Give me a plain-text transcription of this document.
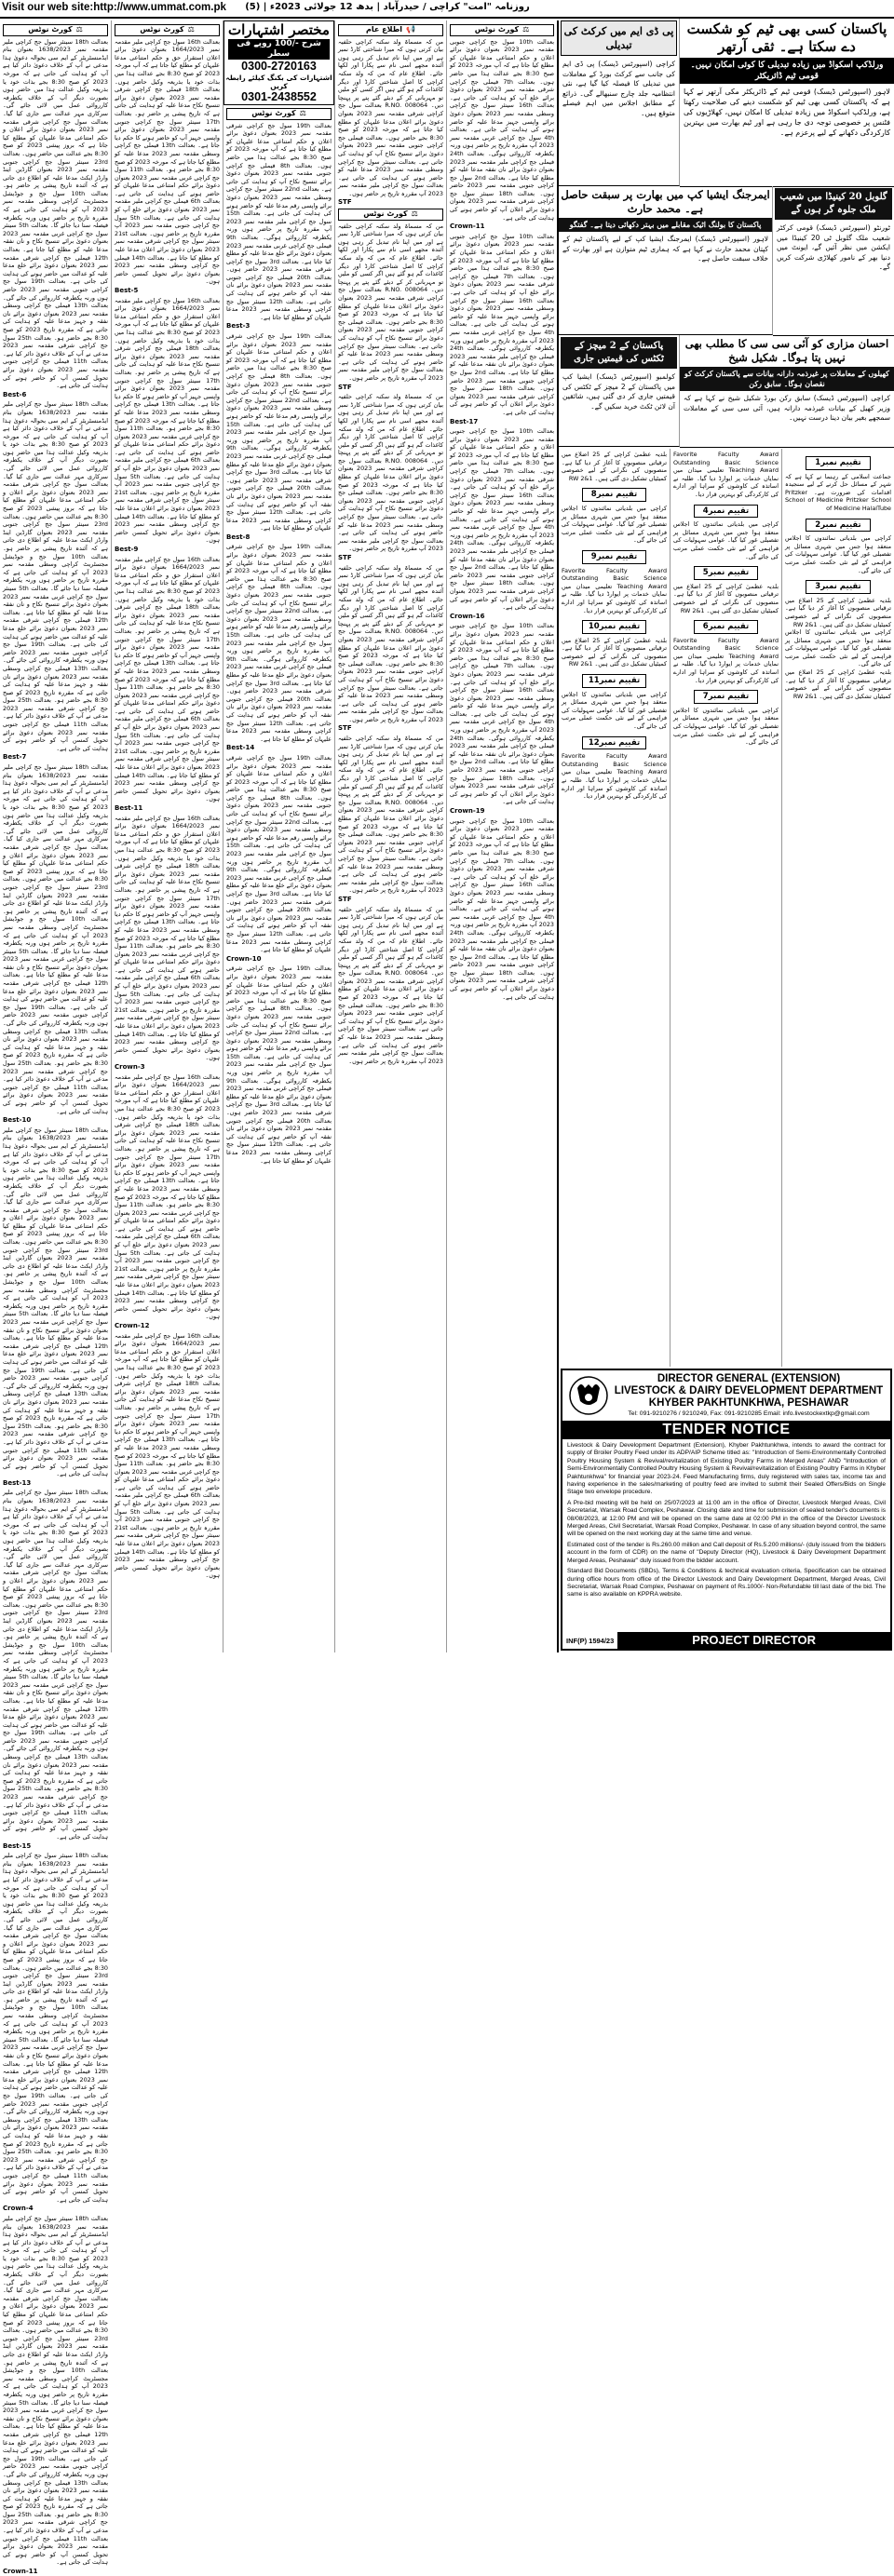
Visit our web site:http://www.ummat.com.pk	روزنامہ "امت" کراچی / حیدرآباد | بدھ 12 جولائی 2023ء | (5)
⚖
کورٹ نوٹس
بعدالت 18th سینئر سول جج کراچی ملیر مقدمہ نمبر 1638/2023 بعنوان بنام ایڈمنسٹریٹر کے ایم سی بحوالہ دعویٰ ہذا مدعی نے آپ کے خلاف دعویٰ دائر کیا ہے آپ کو ہدایت کی جاتی ہے کہ مورخہ 2023 کو صبح 8:30 بجے بذات خود یا بذریعہ وکیل عدالت ہذا میں حاضر ہوں بصورت دیگر آپ کے خلاف یکطرفہ کارروائی عمل میں لائی جائے گی۔ سرکاری مہر عدالت سے جاری کیا گیا۔ بعدالت سول جج کراچی شرقی مقدمہ نمبر 2023 بعنوان دعویٰ برائے اعلان و حکم امتناعی مدعا علیہان کو مطلع کیا جاتا ہے کہ بروز پیشی 2023 کو صبح 8:30 بجے عدالت میں حاضر ہوں۔ بعدالت 23rd سینئر سول جج کراچی جنوبی مقدمہ نمبر 2023 بعنوان گارڈین اینڈ وارڈز ایکٹ مدعا علیہ کو اطلاع دی جاتی ہے کہ آئندہ تاریخ پیشی پر حاضر ہو۔ بعدالت 10th سول جج و جوڈیشل مجسٹریٹ کراچی وسطی مقدمہ نمبر 2023 آپ کو ہدایت کی جاتی ہے کہ مقررہ تاریخ پر حاضر ہوں ورنہ یکطرفہ فیصلہ سنا دیا جائے گا۔ بعدالت 5th سینئر سول جج کراچی غربی مقدمہ نمبر 2023 بعنوان دعویٰ برائے تنسیخ نکاح و نان نفقہ مدعا علیہ کو مطلع کیا جاتا ہے۔ بعدالت 12th فیملی جج کراچی شرقی مقدمہ نمبر 2023 بعنوان دعویٰ برائے خلع مدعا علیہ کو عدالت میں حاضر ہونے کی ہدایت کی جاتی ہے۔ بعدالت 19th سول جج کراچی جنوبی مقدمہ نمبر 2023 حاضر ہوں ورنہ یکطرفہ کارروائی کی جائے گی۔ بعدالت 13th فیملی جج کراچی وسطی مقدمہ نمبر 2023 بعنوان دعویٰ برائے نان نفقہ و جہیز مدعا علیہ کو ہدایت کی جاتی ہے کہ مقررہ تاریخ 2023 کو صبح 8:30 بجے حاضر ہو۔ بعدالت 25th سول جج کراچی شرقی مقدمہ نمبر 2023 مدعی نے آپ کے خلاف دعویٰ دائر کیا ہے۔ بعدالت 11th فیملی جج کراچی جنوبی مقدمہ نمبر 2023 بعنوان دعویٰ برائے تحویل کمسن آپ کو حاضر ہونے کی ہدایت کی جاتی ہے۔
Best-6
بعدالت 18th سینئر سول جج کراچی ملیر مقدمہ نمبر 1638/2023 بعنوان بنام ایڈمنسٹریٹر کے ایم سی بحوالہ دعویٰ ہذا مدعی نے آپ کے خلاف دعویٰ دائر کیا ہے آپ کو ہدایت کی جاتی ہے کہ مورخہ 2023 کو صبح 8:30 بجے بذات خود یا بذریعہ وکیل عدالت ہذا میں حاضر ہوں بصورت دیگر آپ کے خلاف یکطرفہ کارروائی عمل میں لائی جائے گی۔ سرکاری مہر عدالت سے جاری کیا گیا۔ بعدالت سول جج کراچی شرقی مقدمہ نمبر 2023 بعنوان دعویٰ برائے اعلان و حکم امتناعی مدعا علیہان کو مطلع کیا جاتا ہے کہ بروز پیشی 2023 کو صبح 8:30 بجے عدالت میں حاضر ہوں۔ بعدالت 23rd سینئر سول جج کراچی جنوبی مقدمہ نمبر 2023 بعنوان گارڈین اینڈ وارڈز ایکٹ مدعا علیہ کو اطلاع دی جاتی ہے کہ آئندہ تاریخ پیشی پر حاضر ہو۔ بعدالت 10th سول جج و جوڈیشل مجسٹریٹ کراچی وسطی مقدمہ نمبر 2023 آپ کو ہدایت کی جاتی ہے کہ مقررہ تاریخ پر حاضر ہوں ورنہ یکطرفہ فیصلہ سنا دیا جائے گا۔ بعدالت 5th سینئر سول جج کراچی غربی مقدمہ نمبر 2023 بعنوان دعویٰ برائے تنسیخ نکاح و نان نفقہ مدعا علیہ کو مطلع کیا جاتا ہے۔ بعدالت 12th فیملی جج کراچی شرقی مقدمہ نمبر 2023 بعنوان دعویٰ برائے خلع مدعا علیہ کو عدالت میں حاضر ہونے کی ہدایت کی جاتی ہے۔ بعدالت 19th سول جج کراچی جنوبی مقدمہ نمبر 2023 حاضر ہوں ورنہ یکطرفہ کارروائی کی جائے گی۔ بعدالت 13th فیملی جج کراچی وسطی مقدمہ نمبر 2023 بعنوان دعویٰ برائے نان نفقہ و جہیز مدعا علیہ کو ہدایت کی جاتی ہے کہ مقررہ تاریخ 2023 کو صبح 8:30 بجے حاضر ہو۔ بعدالت 25th سول جج کراچی شرقی مقدمہ نمبر 2023 مدعی نے آپ کے خلاف دعویٰ دائر کیا ہے۔ بعدالت 11th فیملی جج کراچی جنوبی مقدمہ نمبر 2023 بعنوان دعویٰ برائے تحویل کمسن آپ کو حاضر ہونے کی ہدایت کی جاتی ہے۔
Best-7
بعدالت 18th سینئر سول جج کراچی ملیر مقدمہ نمبر 1638/2023 بعنوان بنام ایڈمنسٹریٹر کے ایم سی بحوالہ دعویٰ ہذا مدعی نے آپ کے خلاف دعویٰ دائر کیا ہے آپ کو ہدایت کی جاتی ہے کہ مورخہ 2023 کو صبح 8:30 بجے بذات خود یا بذریعہ وکیل عدالت ہذا میں حاضر ہوں بصورت دیگر آپ کے خلاف یکطرفہ کارروائی عمل میں لائی جائے گی۔ سرکاری مہر عدالت سے جاری کیا گیا۔ بعدالت سول جج کراچی شرقی مقدمہ نمبر 2023 بعنوان دعویٰ برائے اعلان و حکم امتناعی مدعا علیہان کو مطلع کیا جاتا ہے کہ بروز پیشی 2023 کو صبح 8:30 بجے عدالت میں حاضر ہوں۔ بعدالت 23rd سینئر سول جج کراچی جنوبی مقدمہ نمبر 2023 بعنوان گارڈین اینڈ وارڈز ایکٹ مدعا علیہ کو اطلاع دی جاتی ہے کہ آئندہ تاریخ پیشی پر حاضر ہو۔ بعدالت 10th سول جج و جوڈیشل مجسٹریٹ کراچی وسطی مقدمہ نمبر 2023 آپ کو ہدایت کی جاتی ہے کہ مقررہ تاریخ پر حاضر ہوں ورنہ یکطرفہ فیصلہ سنا دیا جائے گا۔ بعدالت 5th سینئر سول جج کراچی غربی مقدمہ نمبر 2023 بعنوان دعویٰ برائے تنسیخ نکاح و نان نفقہ مدعا علیہ کو مطلع کیا جاتا ہے۔ بعدالت 12th فیملی جج کراچی شرقی مقدمہ نمبر 2023 بعنوان دعویٰ برائے خلع مدعا علیہ کو عدالت میں حاضر ہونے کی ہدایت کی جاتی ہے۔ بعدالت 19th سول جج کراچی جنوبی مقدمہ نمبر 2023 حاضر ہوں ورنہ یکطرفہ کارروائی کی جائے گی۔ بعدالت 13th فیملی جج کراچی وسطی مقدمہ نمبر 2023 بعنوان دعویٰ برائے نان نفقہ و جہیز مدعا علیہ کو ہدایت کی جاتی ہے کہ مقررہ تاریخ 2023 کو صبح 8:30 بجے حاضر ہو۔ بعدالت 25th سول جج کراچی شرقی مقدمہ نمبر 2023 مدعی نے آپ کے خلاف دعویٰ دائر کیا ہے۔ بعدالت 11th فیملی جج کراچی جنوبی مقدمہ نمبر 2023 بعنوان دعویٰ برائے تحویل کمسن آپ کو حاضر ہونے کی ہدایت کی جاتی ہے۔
Best-10
بعدالت 18th سینئر سول جج کراچی ملیر مقدمہ نمبر 1638/2023 بعنوان بنام ایڈمنسٹریٹر کے ایم سی بحوالہ دعویٰ ہذا مدعی نے آپ کے خلاف دعویٰ دائر کیا ہے آپ کو ہدایت کی جاتی ہے کہ مورخہ 2023 کو صبح 8:30 بجے بذات خود یا بذریعہ وکیل عدالت ہذا میں حاضر ہوں بصورت دیگر آپ کے خلاف یکطرفہ کارروائی عمل میں لائی جائے گی۔ سرکاری مہر عدالت سے جاری کیا گیا۔ بعدالت سول جج کراچی شرقی مقدمہ نمبر 2023 بعنوان دعویٰ برائے اعلان و حکم امتناعی مدعا علیہان کو مطلع کیا جاتا ہے کہ بروز پیشی 2023 کو صبح 8:30 بجے عدالت میں حاضر ہوں۔ بعدالت 23rd سینئر سول جج کراچی جنوبی مقدمہ نمبر 2023 بعنوان گارڈین اینڈ وارڈز ایکٹ مدعا علیہ کو اطلاع دی جاتی ہے کہ آئندہ تاریخ پیشی پر حاضر ہو۔ بعدالت 10th سول جج و جوڈیشل مجسٹریٹ کراچی وسطی مقدمہ نمبر 2023 آپ کو ہدایت کی جاتی ہے کہ مقررہ تاریخ پر حاضر ہوں ورنہ یکطرفہ فیصلہ سنا دیا جائے گا۔ بعدالت 5th سینئر سول جج کراچی غربی مقدمہ نمبر 2023 بعنوان دعویٰ برائے تنسیخ نکاح و نان نفقہ مدعا علیہ کو مطلع کیا جاتا ہے۔ بعدالت 12th فیملی جج کراچی شرقی مقدمہ نمبر 2023 بعنوان دعویٰ برائے خلع مدعا علیہ کو عدالت میں حاضر ہونے کی ہدایت کی جاتی ہے۔ بعدالت 19th سول جج کراچی جنوبی مقدمہ نمبر 2023 حاضر ہوں ورنہ یکطرفہ کارروائی کی جائے گی۔ بعدالت 13th فیملی جج کراچی وسطی مقدمہ نمبر 2023 بعنوان دعویٰ برائے نان نفقہ و جہیز مدعا علیہ کو ہدایت کی جاتی ہے کہ مقررہ تاریخ 2023 کو صبح 8:30 بجے حاضر ہو۔ بعدالت 25th سول جج کراچی شرقی مقدمہ نمبر 2023 مدعی نے آپ کے خلاف دعویٰ دائر کیا ہے۔ بعدالت 11th فیملی جج کراچی جنوبی مقدمہ نمبر 2023 بعنوان دعویٰ برائے تحویل کمسن آپ کو حاضر ہونے کی ہدایت کی جاتی ہے۔
Best-13
بعدالت 18th سینئر سول جج کراچی ملیر مقدمہ نمبر 1638/2023 بعنوان بنام ایڈمنسٹریٹر کے ایم سی بحوالہ دعویٰ ہذا مدعی نے آپ کے خلاف دعویٰ دائر کیا ہے آپ کو ہدایت کی جاتی ہے کہ مورخہ 2023 کو صبح 8:30 بجے بذات خود یا بذریعہ وکیل عدالت ہذا میں حاضر ہوں بصورت دیگر آپ کے خلاف یکطرفہ کارروائی عمل میں لائی جائے گی۔ سرکاری مہر عدالت سے جاری کیا گیا۔ بعدالت سول جج کراچی شرقی مقدمہ نمبر 2023 بعنوان دعویٰ برائے اعلان و حکم امتناعی مدعا علیہان کو مطلع کیا جاتا ہے کہ بروز پیشی 2023 کو صبح 8:30 بجے عدالت میں حاضر ہوں۔ بعدالت 23rd سینئر سول جج کراچی جنوبی مقدمہ نمبر 2023 بعنوان گارڈین اینڈ وارڈز ایکٹ مدعا علیہ کو اطلاع دی جاتی ہے کہ آئندہ تاریخ پیشی پر حاضر ہو۔ بعدالت 10th سول جج و جوڈیشل مجسٹریٹ کراچی وسطی مقدمہ نمبر 2023 آپ کو ہدایت کی جاتی ہے کہ مقررہ تاریخ پر حاضر ہوں ورنہ یکطرفہ فیصلہ سنا دیا جائے گا۔ بعدالت 5th سینئر سول جج کراچی غربی مقدمہ نمبر 2023 بعنوان دعویٰ برائے تنسیخ نکاح و نان نفقہ مدعا علیہ کو مطلع کیا جاتا ہے۔ بعدالت 12th فیملی جج کراچی شرقی مقدمہ نمبر 2023 بعنوان دعویٰ برائے خلع مدعا علیہ کو عدالت میں حاضر ہونے کی ہدایت کی جاتی ہے۔ بعدالت 19th سول جج کراچی جنوبی مقدمہ نمبر 2023 حاضر ہوں ورنہ یکطرفہ کارروائی کی جائے گی۔ بعدالت 13th فیملی جج کراچی وسطی مقدمہ نمبر 2023 بعنوان دعویٰ برائے نان نفقہ و جہیز مدعا علیہ کو ہدایت کی جاتی ہے کہ مقررہ تاریخ 2023 کو صبح 8:30 بجے حاضر ہو۔ بعدالت 25th سول جج کراچی شرقی مقدمہ نمبر 2023 مدعی نے آپ کے خلاف دعویٰ دائر کیا ہے۔ بعدالت 11th فیملی جج کراچی جنوبی مقدمہ نمبر 2023 بعنوان دعویٰ برائے تحویل کمسن آپ کو حاضر ہونے کی ہدایت کی جاتی ہے۔
Best-15
بعدالت 18th سینئر سول جج کراچی ملیر مقدمہ نمبر 1638/2023 بعنوان بنام ایڈمنسٹریٹر کے ایم سی بحوالہ دعویٰ ہذا مدعی نے آپ کے خلاف دعویٰ دائر کیا ہے آپ کو ہدایت کی جاتی ہے کہ مورخہ 2023 کو صبح 8:30 بجے بذات خود یا بذریعہ وکیل عدالت ہذا میں حاضر ہوں بصورت دیگر آپ کے خلاف یکطرفہ کارروائی عمل میں لائی جائے گی۔ سرکاری مہر عدالت سے جاری کیا گیا۔ بعدالت سول جج کراچی شرقی مقدمہ نمبر 2023 بعنوان دعویٰ برائے اعلان و حکم امتناعی مدعا علیہان کو مطلع کیا جاتا ہے کہ بروز پیشی 2023 کو صبح 8:30 بجے عدالت میں حاضر ہوں۔ بعدالت 23rd سینئر سول جج کراچی جنوبی مقدمہ نمبر 2023 بعنوان گارڈین اینڈ وارڈز ایکٹ مدعا علیہ کو اطلاع دی جاتی ہے کہ آئندہ تاریخ پیشی پر حاضر ہو۔ بعدالت 10th سول جج و جوڈیشل مجسٹریٹ کراچی وسطی مقدمہ نمبر 2023 آپ کو ہدایت کی جاتی ہے کہ مقررہ تاریخ پر حاضر ہوں ورنہ یکطرفہ فیصلہ سنا دیا جائے گا۔ بعدالت 5th سینئر سول جج کراچی غربی مقدمہ نمبر 2023 بعنوان دعویٰ برائے تنسیخ نکاح و نان نفقہ مدعا علیہ کو مطلع کیا جاتا ہے۔ بعدالت 12th فیملی جج کراچی شرقی مقدمہ نمبر 2023 بعنوان دعویٰ برائے خلع مدعا علیہ کو عدالت میں حاضر ہونے کی ہدایت کی جاتی ہے۔ بعدالت 19th سول جج کراچی جنوبی مقدمہ نمبر 2023 حاضر ہوں ورنہ یکطرفہ کارروائی کی جائے گی۔ بعدالت 13th فیملی جج کراچی وسطی مقدمہ نمبر 2023 بعنوان دعویٰ برائے نان نفقہ و جہیز مدعا علیہ کو ہدایت کی جاتی ہے کہ مقررہ تاریخ 2023 کو صبح 8:30 بجے حاضر ہو۔ بعدالت 25th سول جج کراچی شرقی مقدمہ نمبر 2023 مدعی نے آپ کے خلاف دعویٰ دائر کیا ہے۔ بعدالت 11th فیملی جج کراچی جنوبی مقدمہ نمبر 2023 بعنوان دعویٰ برائے تحویل کمسن آپ کو حاضر ہونے کی ہدایت کی جاتی ہے۔
Crown-4
بعدالت 18th سینئر سول جج کراچی ملیر مقدمہ نمبر 1638/2023 بعنوان بنام ایڈمنسٹریٹر کے ایم سی بحوالہ دعویٰ ہذا مدعی نے آپ کے خلاف دعویٰ دائر کیا ہے آپ کو ہدایت کی جاتی ہے کہ مورخہ 2023 کو صبح 8:30 بجے بذات خود یا بذریعہ وکیل عدالت ہذا میں حاضر ہوں بصورت دیگر آپ کے خلاف یکطرفہ کارروائی عمل میں لائی جائے گی۔ سرکاری مہر عدالت سے جاری کیا گیا۔ بعدالت سول جج کراچی شرقی مقدمہ نمبر 2023 بعنوان دعویٰ برائے اعلان و حکم امتناعی مدعا علیہان کو مطلع کیا جاتا ہے کہ بروز پیشی 2023 کو صبح 8:30 بجے عدالت میں حاضر ہوں۔ بعدالت 23rd سینئر سول جج کراچی جنوبی مقدمہ نمبر 2023 بعنوان گارڈین اینڈ وارڈز ایکٹ مدعا علیہ کو اطلاع دی جاتی ہے کہ آئندہ تاریخ پیشی پر حاضر ہو۔ بعدالت 10th سول جج و جوڈیشل مجسٹریٹ کراچی وسطی مقدمہ نمبر 2023 آپ کو ہدایت کی جاتی ہے کہ مقررہ تاریخ پر حاضر ہوں ورنہ یکطرفہ فیصلہ سنا دیا جائے گا۔ بعدالت 5th سینئر سول جج کراچی غربی مقدمہ نمبر 2023 بعنوان دعویٰ برائے تنسیخ نکاح و نان نفقہ مدعا علیہ کو مطلع کیا جاتا ہے۔ بعدالت 12th فیملی جج کراچی شرقی مقدمہ نمبر 2023 بعنوان دعویٰ برائے خلع مدعا علیہ کو عدالت میں حاضر ہونے کی ہدایت کی جاتی ہے۔ بعدالت 19th سول جج کراچی جنوبی مقدمہ نمبر 2023 حاضر ہوں ورنہ یکطرفہ کارروائی کی جائے گی۔ بعدالت 13th فیملی جج کراچی وسطی مقدمہ نمبر 2023 بعنوان دعویٰ برائے نان نفقہ و جہیز مدعا علیہ کو ہدایت کی جاتی ہے کہ مقررہ تاریخ 2023 کو صبح 8:30 بجے حاضر ہو۔ بعدالت 25th سول جج کراچی شرقی مقدمہ نمبر 2023 مدعی نے آپ کے خلاف دعویٰ دائر کیا ہے۔ بعدالت 11th فیملی جج کراچی جنوبی مقدمہ نمبر 2023 بعنوان دعویٰ برائے تحویل کمسن آپ کو حاضر ہونے کی ہدایت کی جاتی ہے۔
Crown-11
⚖
کورٹ نوٹس
بعدالت 16th سول جج کراچی ملیر مقدمہ نمبر 1664/2023 بعنوان دعویٰ برائے اعلان استقرار حق و حکم امتناعی مدعا علیہان کو مطلع کیا جاتا ہے کہ آپ مورخہ 2023 کو صبح 8:30 بجے عدالت ہذا میں بذات خود یا بذریعہ وکیل حاضر ہوں۔ بعدالت 18th فیملی جج کراچی شرقی مقدمہ نمبر 2023 بعنوان دعویٰ برائے تنسیخ نکاح مدعا علیہ کو ہدایت کی جاتی ہے کہ تاریخ پیشی پر حاضر ہو۔ بعدالت 17th سینئر سول جج کراچی جنوبی مقدمہ نمبر 2023 بعنوان دعویٰ برائے واپسی جہیز آپ کو حاضر ہونے کا حکم دیا جاتا ہے۔ بعدالت 13th فیملی جج کراچی وسطی مقدمہ نمبر 2023 مدعا علیہ کو مطلع کیا جاتا ہے کہ مورخہ 2023 کو صبح 8:30 بجے حاضر ہو۔ بعدالت 11th سول جج کراچی غربی مقدمہ نمبر 2023 بعنوان دعویٰ برائے حکم امتناعی مدعا علیہان کو حاضر ہونے کی ہدایت کی جاتی ہے۔ بعدالت 6th فیملی جج کراچی ملیر مقدمہ نمبر 2023 بعنوان دعویٰ برائے خلع آپ کو ہدایت کی جاتی ہے۔ بعدالت 5th سول جج کراچی جنوبی مقدمہ نمبر 2023 آپ مقررہ تاریخ پر حاضر ہوں۔ بعدالت 21st سینئر سول جج کراچی شرقی مقدمہ نمبر 2023 بعنوان دعویٰ برائے اعلان مدعا علیہ کو مطلع کیا جاتا ہے۔ بعدالت 14th فیملی جج کراچی وسطی مقدمہ نمبر 2023 بعنوان دعویٰ برائے تحویل کمسن حاضر ہوں۔
Best-5
بعدالت 16th سول جج کراچی ملیر مقدمہ نمبر 1664/2023 بعنوان دعویٰ برائے اعلان استقرار حق و حکم امتناعی مدعا علیہان کو مطلع کیا جاتا ہے کہ آپ مورخہ 2023 کو صبح 8:30 بجے عدالت ہذا میں بذات خود یا بذریعہ وکیل حاضر ہوں۔ بعدالت 18th فیملی جج کراچی شرقی مقدمہ نمبر 2023 بعنوان دعویٰ برائے تنسیخ نکاح مدعا علیہ کو ہدایت کی جاتی ہے کہ تاریخ پیشی پر حاضر ہو۔ بعدالت 17th سینئر سول جج کراچی جنوبی مقدمہ نمبر 2023 بعنوان دعویٰ برائے واپسی جہیز آپ کو حاضر ہونے کا حکم دیا جاتا ہے۔ بعدالت 13th فیملی جج کراچی وسطی مقدمہ نمبر 2023 مدعا علیہ کو مطلع کیا جاتا ہے کہ مورخہ 2023 کو صبح 8:30 بجے حاضر ہو۔ بعدالت 11th سول جج کراچی غربی مقدمہ نمبر 2023 بعنوان دعویٰ برائے حکم امتناعی مدعا علیہان کو حاضر ہونے کی ہدایت کی جاتی ہے۔ بعدالت 6th فیملی جج کراچی ملیر مقدمہ نمبر 2023 بعنوان دعویٰ برائے خلع آپ کو ہدایت کی جاتی ہے۔ بعدالت 5th سول جج کراچی جنوبی مقدمہ نمبر 2023 آپ مقررہ تاریخ پر حاضر ہوں۔ بعدالت 21st سینئر سول جج کراچی شرقی مقدمہ نمبر 2023 بعنوان دعویٰ برائے اعلان مدعا علیہ کو مطلع کیا جاتا ہے۔ بعدالت 14th فیملی جج کراچی وسطی مقدمہ نمبر 2023 بعنوان دعویٰ برائے تحویل کمسن حاضر ہوں۔
Best-9
بعدالت 16th سول جج کراچی ملیر مقدمہ نمبر 1664/2023 بعنوان دعویٰ برائے اعلان استقرار حق و حکم امتناعی مدعا علیہان کو مطلع کیا جاتا ہے کہ آپ مورخہ 2023 کو صبح 8:30 بجے عدالت ہذا میں بذات خود یا بذریعہ وکیل حاضر ہوں۔ بعدالت 18th فیملی جج کراچی شرقی مقدمہ نمبر 2023 بعنوان دعویٰ برائے تنسیخ نکاح مدعا علیہ کو ہدایت کی جاتی ہے کہ تاریخ پیشی پر حاضر ہو۔ بعدالت 17th سینئر سول جج کراچی جنوبی مقدمہ نمبر 2023 بعنوان دعویٰ برائے واپسی جہیز آپ کو حاضر ہونے کا حکم دیا جاتا ہے۔ بعدالت 13th فیملی جج کراچی وسطی مقدمہ نمبر 2023 مدعا علیہ کو مطلع کیا جاتا ہے کہ مورخہ 2023 کو صبح 8:30 بجے حاضر ہو۔ بعدالت 11th سول جج کراچی غربی مقدمہ نمبر 2023 بعنوان دعویٰ برائے حکم امتناعی مدعا علیہان کو حاضر ہونے کی ہدایت کی جاتی ہے۔ بعدالت 6th فیملی جج کراچی ملیر مقدمہ نمبر 2023 بعنوان دعویٰ برائے خلع آپ کو ہدایت کی جاتی ہے۔ بعدالت 5th سول جج کراچی جنوبی مقدمہ نمبر 2023 آپ مقررہ تاریخ پر حاضر ہوں۔ بعدالت 21st سینئر سول جج کراچی شرقی مقدمہ نمبر 2023 بعنوان دعویٰ برائے اعلان مدعا علیہ کو مطلع کیا جاتا ہے۔ بعدالت 14th فیملی جج کراچی وسطی مقدمہ نمبر 2023 بعنوان دعویٰ برائے تحویل کمسن حاضر ہوں۔
Best-11
بعدالت 16th سول جج کراچی ملیر مقدمہ نمبر 1664/2023 بعنوان دعویٰ برائے اعلان استقرار حق و حکم امتناعی مدعا علیہان کو مطلع کیا جاتا ہے کہ آپ مورخہ 2023 کو صبح 8:30 بجے عدالت ہذا میں بذات خود یا بذریعہ وکیل حاضر ہوں۔ بعدالت 18th فیملی جج کراچی شرقی مقدمہ نمبر 2023 بعنوان دعویٰ برائے تنسیخ نکاح مدعا علیہ کو ہدایت کی جاتی ہے کہ تاریخ پیشی پر حاضر ہو۔ بعدالت 17th سینئر سول جج کراچی جنوبی مقدمہ نمبر 2023 بعنوان دعویٰ برائے واپسی جہیز آپ کو حاضر ہونے کا حکم دیا جاتا ہے۔ بعدالت 13th فیملی جج کراچی وسطی مقدمہ نمبر 2023 مدعا علیہ کو مطلع کیا جاتا ہے کہ مورخہ 2023 کو صبح 8:30 بجے حاضر ہو۔ بعدالت 11th سول جج کراچی غربی مقدمہ نمبر 2023 بعنوان دعویٰ برائے حکم امتناعی مدعا علیہان کو حاضر ہونے کی ہدایت کی جاتی ہے۔ بعدالت 6th فیملی جج کراچی ملیر مقدمہ نمبر 2023 بعنوان دعویٰ برائے خلع آپ کو ہدایت کی جاتی ہے۔ بعدالت 5th سول جج کراچی جنوبی مقدمہ نمبر 2023 آپ مقررہ تاریخ پر حاضر ہوں۔ بعدالت 21st سینئر سول جج کراچی شرقی مقدمہ نمبر 2023 بعنوان دعویٰ برائے اعلان مدعا علیہ کو مطلع کیا جاتا ہے۔ بعدالت 14th فیملی جج کراچی وسطی مقدمہ نمبر 2023 بعنوان دعویٰ برائے تحویل کمسن حاضر ہوں۔
Crown-3
بعدالت 16th سول جج کراچی ملیر مقدمہ نمبر 1664/2023 بعنوان دعویٰ برائے اعلان استقرار حق و حکم امتناعی مدعا علیہان کو مطلع کیا جاتا ہے کہ آپ مورخہ 2023 کو صبح 8:30 بجے عدالت ہذا میں بذات خود یا بذریعہ وکیل حاضر ہوں۔ بعدالت 18th فیملی جج کراچی شرقی مقدمہ نمبر 2023 بعنوان دعویٰ برائے تنسیخ نکاح مدعا علیہ کو ہدایت کی جاتی ہے کہ تاریخ پیشی پر حاضر ہو۔ بعدالت 17th سینئر سول جج کراچی جنوبی مقدمہ نمبر 2023 بعنوان دعویٰ برائے واپسی جہیز آپ کو حاضر ہونے کا حکم دیا جاتا ہے۔ بعدالت 13th فیملی جج کراچی وسطی مقدمہ نمبر 2023 مدعا علیہ کو مطلع کیا جاتا ہے کہ مورخہ 2023 کو صبح 8:30 بجے حاضر ہو۔ بعدالت 11th سول جج کراچی غربی مقدمہ نمبر 2023 بعنوان دعویٰ برائے حکم امتناعی مدعا علیہان کو حاضر ہونے کی ہدایت کی جاتی ہے۔ بعدالت 6th فیملی جج کراچی ملیر مقدمہ نمبر 2023 بعنوان دعویٰ برائے خلع آپ کو ہدایت کی جاتی ہے۔ بعدالت 5th سول جج کراچی جنوبی مقدمہ نمبر 2023 آپ مقررہ تاریخ پر حاضر ہوں۔ بعدالت 21st سینئر سول جج کراچی شرقی مقدمہ نمبر 2023 بعنوان دعویٰ برائے اعلان مدعا علیہ کو مطلع کیا جاتا ہے۔ بعدالت 14th فیملی جج کراچی وسطی مقدمہ نمبر 2023 بعنوان دعویٰ برائے تحویل کمسن حاضر ہوں۔
Crown-12
بعدالت 16th سول جج کراچی ملیر مقدمہ نمبر 1664/2023 بعنوان دعویٰ برائے اعلان استقرار حق و حکم امتناعی مدعا علیہان کو مطلع کیا جاتا ہے کہ آپ مورخہ 2023 کو صبح 8:30 بجے عدالت ہذا میں بذات خود یا بذریعہ وکیل حاضر ہوں۔ بعدالت 18th فیملی جج کراچی شرقی مقدمہ نمبر 2023 بعنوان دعویٰ برائے تنسیخ نکاح مدعا علیہ کو ہدایت کی جاتی ہے کہ تاریخ پیشی پر حاضر ہو۔ بعدالت 17th سینئر سول جج کراچی جنوبی مقدمہ نمبر 2023 بعنوان دعویٰ برائے واپسی جہیز آپ کو حاضر ہونے کا حکم دیا جاتا ہے۔ بعدالت 13th فیملی جج کراچی وسطی مقدمہ نمبر 2023 مدعا علیہ کو مطلع کیا جاتا ہے کہ مورخہ 2023 کو صبح 8:30 بجے حاضر ہو۔ بعدالت 11th سول جج کراچی غربی مقدمہ نمبر 2023 بعنوان دعویٰ برائے حکم امتناعی مدعا علیہان کو حاضر ہونے کی ہدایت کی جاتی ہے۔ بعدالت 6th فیملی جج کراچی ملیر مقدمہ نمبر 2023 بعنوان دعویٰ برائے خلع آپ کو ہدایت کی جاتی ہے۔ بعدالت 5th سول جج کراچی جنوبی مقدمہ نمبر 2023 آپ مقررہ تاریخ پر حاضر ہوں۔ بعدالت 21st سینئر سول جج کراچی شرقی مقدمہ نمبر 2023 بعنوان دعویٰ برائے اعلان مدعا علیہ کو مطلع کیا جاتا ہے۔ بعدالت 14th فیملی جج کراچی وسطی مقدمہ نمبر 2023 بعنوان دعویٰ برائے تحویل کمسن حاضر ہوں۔
مختصر اشتہارات
شرح -/100 روپے فی سطر
0300-2720163
اشتہارات کی بکنگ کیلئے رابطہ کریں
0301-2438552
⚖
کورٹ نوٹس
بعدالت 19th سول جج کراچی شرقی مقدمہ نمبر 2023 بعنوان دعویٰ برائے اعلان و حکم امتناعی مدعا علیہان کو مطلع کیا جاتا ہے کہ آپ مورخہ 2023 کو صبح 8:30 بجے عدالت ہذا میں حاضر ہوں۔ بعدالت 8th فیملی جج کراچی جنوبی مقدمہ نمبر 2023 بعنوان دعویٰ برائے تنسیخ نکاح آپ کو ہدایت کی جاتی ہے۔ بعدالت 22nd سینئر سول جج کراچی وسطی مقدمہ نمبر 2023 بعنوان دعویٰ برائے واپسی رقم مدعا علیہ کو حاضر ہونے کی ہدایت کی جاتی ہے۔ بعدالت 15th سول جج کراچی ملیر مقدمہ نمبر 2023 آپ مقررہ تاریخ پر حاضر ہوں ورنہ یکطرفہ کارروائی ہوگی۔ بعدالت 9th فیملی جج کراچی غربی مقدمہ نمبر 2023 بعنوان دعویٰ برائے خلع مدعا علیہ کو مطلع کیا جاتا ہے۔ بعدالت 3rd سول جج کراچی شرقی مقدمہ نمبر 2023 حاضر ہوں۔ بعدالت 20th فیملی جج کراچی جنوبی مقدمہ نمبر 2023 بعنوان دعویٰ برائے نان نفقہ آپ کو حاضر ہونے کی ہدایت کی جاتی ہے۔ بعدالت 12th سینئر سول جج کراچی وسطی مقدمہ نمبر 2023 مدعا علیہان کو مطلع کیا جاتا ہے۔
Best-3
بعدالت 19th سول جج کراچی شرقی مقدمہ نمبر 2023 بعنوان دعویٰ برائے اعلان و حکم امتناعی مدعا علیہان کو مطلع کیا جاتا ہے کہ آپ مورخہ 2023 کو صبح 8:30 بجے عدالت ہذا میں حاضر ہوں۔ بعدالت 8th فیملی جج کراچی جنوبی مقدمہ نمبر 2023 بعنوان دعویٰ برائے تنسیخ نکاح آپ کو ہدایت کی جاتی ہے۔ بعدالت 22nd سینئر سول جج کراچی وسطی مقدمہ نمبر 2023 بعنوان دعویٰ برائے واپسی رقم مدعا علیہ کو حاضر ہونے کی ہدایت کی جاتی ہے۔ بعدالت 15th سول جج کراچی ملیر مقدمہ نمبر 2023 آپ مقررہ تاریخ پر حاضر ہوں ورنہ یکطرفہ کارروائی ہوگی۔ بعدالت 9th فیملی جج کراچی غربی مقدمہ نمبر 2023 بعنوان دعویٰ برائے خلع مدعا علیہ کو مطلع کیا جاتا ہے۔ بعدالت 3rd سول جج کراچی شرقی مقدمہ نمبر 2023 حاضر ہوں۔ بعدالت 20th فیملی جج کراچی جنوبی مقدمہ نمبر 2023 بعنوان دعویٰ برائے نان نفقہ آپ کو حاضر ہونے کی ہدایت کی جاتی ہے۔ بعدالت 12th سینئر سول جج کراچی وسطی مقدمہ نمبر 2023 مدعا علیہان کو مطلع کیا جاتا ہے۔
Best-8
بعدالت 19th سول جج کراچی شرقی مقدمہ نمبر 2023 بعنوان دعویٰ برائے اعلان و حکم امتناعی مدعا علیہان کو مطلع کیا جاتا ہے کہ آپ مورخہ 2023 کو صبح 8:30 بجے عدالت ہذا میں حاضر ہوں۔ بعدالت 8th فیملی جج کراچی جنوبی مقدمہ نمبر 2023 بعنوان دعویٰ برائے تنسیخ نکاح آپ کو ہدایت کی جاتی ہے۔ بعدالت 22nd سینئر سول جج کراچی وسطی مقدمہ نمبر 2023 بعنوان دعویٰ برائے واپسی رقم مدعا علیہ کو حاضر ہونے کی ہدایت کی جاتی ہے۔ بعدالت 15th سول جج کراچی ملیر مقدمہ نمبر 2023 آپ مقررہ تاریخ پر حاضر ہوں ورنہ یکطرفہ کارروائی ہوگی۔ بعدالت 9th فیملی جج کراچی غربی مقدمہ نمبر 2023 بعنوان دعویٰ برائے خلع مدعا علیہ کو مطلع کیا جاتا ہے۔ بعدالت 3rd سول جج کراچی شرقی مقدمہ نمبر 2023 حاضر ہوں۔ بعدالت 20th فیملی جج کراچی جنوبی مقدمہ نمبر 2023 بعنوان دعویٰ برائے نان نفقہ آپ کو حاضر ہونے کی ہدایت کی جاتی ہے۔ بعدالت 12th سینئر سول جج کراچی وسطی مقدمہ نمبر 2023 مدعا علیہان کو مطلع کیا جاتا ہے۔
Best-14
بعدالت 19th سول جج کراچی شرقی مقدمہ نمبر 2023 بعنوان دعویٰ برائے اعلان و حکم امتناعی مدعا علیہان کو مطلع کیا جاتا ہے کہ آپ مورخہ 2023 کو صبح 8:30 بجے عدالت ہذا میں حاضر ہوں۔ بعدالت 8th فیملی جج کراچی جنوبی مقدمہ نمبر 2023 بعنوان دعویٰ برائے تنسیخ نکاح آپ کو ہدایت کی جاتی ہے۔ بعدالت 22nd سینئر سول جج کراچی وسطی مقدمہ نمبر 2023 بعنوان دعویٰ برائے واپسی رقم مدعا علیہ کو حاضر ہونے کی ہدایت کی جاتی ہے۔ بعدالت 15th سول جج کراچی ملیر مقدمہ نمبر 2023 آپ مقررہ تاریخ پر حاضر ہوں ورنہ یکطرفہ کارروائی ہوگی۔ بعدالت 9th فیملی جج کراچی غربی مقدمہ نمبر 2023 بعنوان دعویٰ برائے خلع مدعا علیہ کو مطلع کیا جاتا ہے۔ بعدالت 3rd سول جج کراچی شرقی مقدمہ نمبر 2023 حاضر ہوں۔ بعدالت 20th فیملی جج کراچی جنوبی مقدمہ نمبر 2023 بعنوان دعویٰ برائے نان نفقہ آپ کو حاضر ہونے کی ہدایت کی جاتی ہے۔ بعدالت 12th سینئر سول جج کراچی وسطی مقدمہ نمبر 2023 مدعا علیہان کو مطلع کیا جاتا ہے۔
Crown-10
بعدالت 19th سول جج کراچی شرقی مقدمہ نمبر 2023 بعنوان دعویٰ برائے اعلان و حکم امتناعی مدعا علیہان کو مطلع کیا جاتا ہے کہ آپ مورخہ 2023 کو صبح 8:30 بجے عدالت ہذا میں حاضر ہوں۔ بعدالت 8th فیملی جج کراچی جنوبی مقدمہ نمبر 2023 بعنوان دعویٰ برائے تنسیخ نکاح آپ کو ہدایت کی جاتی ہے۔ بعدالت 22nd سینئر سول جج کراچی وسطی مقدمہ نمبر 2023 بعنوان دعویٰ برائے واپسی رقم مدعا علیہ کو حاضر ہونے کی ہدایت کی جاتی ہے۔ بعدالت 15th سول جج کراچی ملیر مقدمہ نمبر 2023 آپ مقررہ تاریخ پر حاضر ہوں ورنہ یکطرفہ کارروائی ہوگی۔ بعدالت 9th فیملی جج کراچی غربی مقدمہ نمبر 2023 بعنوان دعویٰ برائے خلع مدعا علیہ کو مطلع کیا جاتا ہے۔ بعدالت 3rd سول جج کراچی شرقی مقدمہ نمبر 2023 حاضر ہوں۔ بعدالت 20th فیملی جج کراچی جنوبی مقدمہ نمبر 2023 بعنوان دعویٰ برائے نان نفقہ آپ کو حاضر ہونے کی ہدایت کی جاتی ہے۔ بعدالت 12th سینئر سول جج کراچی وسطی مقدمہ نمبر 2023 مدعا علیہان کو مطلع کیا جاتا ہے۔
📢
اطلاع عام
من کہ مسماۃ ولد سکنہ کراچی حلفیہ بیان کرتی ہوں کہ میرا شناختی کارڈ نمبر ہے اور میں اپنا نام تبدیل کر رہی ہوں آئندہ مجھے اسی نام سے پکارا اور لکھا جائے۔ اطلاع عام کہ من کہ ولد سکنہ کراچی کا اصل شناختی کارڈ اور دیگر کاغذات گم ہو گئے ہیں اگر کسی کو ملیں تو مہربانی کر کے دیئے گئے پتے پر پہنچا دیں۔ R.NO. 008064 بعدالت سول جج کراچی شرقی مقدمہ نمبر 2023 بعنوان دعویٰ برائے اعلان مدعا علیہان کو مطلع کیا جاتا ہے کہ مورخہ 2023 کو صبح 8:30 بجے حاضر ہوں۔ بعدالت فیملی جج کراچی جنوبی مقدمہ نمبر 2023 بعنوان دعویٰ برائے تنسیخ نکاح آپ کو ہدایت کی جاتی ہے۔ بعدالت سینئر سول جج کراچی وسطی مقدمہ نمبر 2023 مدعا علیہ کو حاضر ہونے کی ہدایت کی جاتی ہے۔ بعدالت سول جج کراچی ملیر مقدمہ نمبر 2023 آپ مقررہ تاریخ پر حاضر ہوں۔
STF
⚖
کورٹ نوٹس
من کہ مسماۃ ولد سکنہ کراچی حلفیہ بیان کرتی ہوں کہ میرا شناختی کارڈ نمبر ہے اور میں اپنا نام تبدیل کر رہی ہوں آئندہ مجھے اسی نام سے پکارا اور لکھا جائے۔ اطلاع عام کہ من کہ ولد سکنہ کراچی کا اصل شناختی کارڈ اور دیگر کاغذات گم ہو گئے ہیں اگر کسی کو ملیں تو مہربانی کر کے دیئے گئے پتے پر پہنچا دیں۔ R.NO. 008064 بعدالت سول جج کراچی شرقی مقدمہ نمبر 2023 بعنوان دعویٰ برائے اعلان مدعا علیہان کو مطلع کیا جاتا ہے کہ مورخہ 2023 کو صبح 8:30 بجے حاضر ہوں۔ بعدالت فیملی جج کراچی جنوبی مقدمہ نمبر 2023 بعنوان دعویٰ برائے تنسیخ نکاح آپ کو ہدایت کی جاتی ہے۔ بعدالت سینئر سول جج کراچی وسطی مقدمہ نمبر 2023 مدعا علیہ کو حاضر ہونے کی ہدایت کی جاتی ہے۔ بعدالت سول جج کراچی ملیر مقدمہ نمبر 2023 آپ مقررہ تاریخ پر حاضر ہوں۔
STF
من کہ مسماۃ ولد سکنہ کراچی حلفیہ بیان کرتی ہوں کہ میرا شناختی کارڈ نمبر ہے اور میں اپنا نام تبدیل کر رہی ہوں آئندہ مجھے اسی نام سے پکارا اور لکھا جائے۔ اطلاع عام کہ من کہ ولد سکنہ کراچی کا اصل شناختی کارڈ اور دیگر کاغذات گم ہو گئے ہیں اگر کسی کو ملیں تو مہربانی کر کے دیئے گئے پتے پر پہنچا دیں۔ R.NO. 008064 بعدالت سول جج کراچی شرقی مقدمہ نمبر 2023 بعنوان دعویٰ برائے اعلان مدعا علیہان کو مطلع کیا جاتا ہے کہ مورخہ 2023 کو صبح 8:30 بجے حاضر ہوں۔ بعدالت فیملی جج کراچی جنوبی مقدمہ نمبر 2023 بعنوان دعویٰ برائے تنسیخ نکاح آپ کو ہدایت کی جاتی ہے۔ بعدالت سینئر سول جج کراچی وسطی مقدمہ نمبر 2023 مدعا علیہ کو حاضر ہونے کی ہدایت کی جاتی ہے۔ بعدالت سول جج کراچی ملیر مقدمہ نمبر 2023 آپ مقررہ تاریخ پر حاضر ہوں۔
STF
من کہ مسماۃ ولد سکنہ کراچی حلفیہ بیان کرتی ہوں کہ میرا شناختی کارڈ نمبر ہے اور میں اپنا نام تبدیل کر رہی ہوں آئندہ مجھے اسی نام سے پکارا اور لکھا جائے۔ اطلاع عام کہ من کہ ولد سکنہ کراچی کا اصل شناختی کارڈ اور دیگر کاغذات گم ہو گئے ہیں اگر کسی کو ملیں تو مہربانی کر کے دیئے گئے پتے پر پہنچا دیں۔ R.NO. 008064 بعدالت سول جج کراچی شرقی مقدمہ نمبر 2023 بعنوان دعویٰ برائے اعلان مدعا علیہان کو مطلع کیا جاتا ہے کہ مورخہ 2023 کو صبح 8:30 بجے حاضر ہوں۔ بعدالت فیملی جج کراچی جنوبی مقدمہ نمبر 2023 بعنوان دعویٰ برائے تنسیخ نکاح آپ کو ہدایت کی جاتی ہے۔ بعدالت سینئر سول جج کراچی وسطی مقدمہ نمبر 2023 مدعا علیہ کو حاضر ہونے کی ہدایت کی جاتی ہے۔ بعدالت سول جج کراچی ملیر مقدمہ نمبر 2023 آپ مقررہ تاریخ پر حاضر ہوں۔
STF
من کہ مسماۃ ولد سکنہ کراچی حلفیہ بیان کرتی ہوں کہ میرا شناختی کارڈ نمبر ہے اور میں اپنا نام تبدیل کر رہی ہوں آئندہ مجھے اسی نام سے پکارا اور لکھا جائے۔ اطلاع عام کہ من کہ ولد سکنہ کراچی کا اصل شناختی کارڈ اور دیگر کاغذات گم ہو گئے ہیں اگر کسی کو ملیں تو مہربانی کر کے دیئے گئے پتے پر پہنچا دیں۔ R.NO. 008064 بعدالت سول جج کراچی شرقی مقدمہ نمبر 2023 بعنوان دعویٰ برائے اعلان مدعا علیہان کو مطلع کیا جاتا ہے کہ مورخہ 2023 کو صبح 8:30 بجے حاضر ہوں۔ بعدالت فیملی جج کراچی جنوبی مقدمہ نمبر 2023 بعنوان دعویٰ برائے تنسیخ نکاح آپ کو ہدایت کی جاتی ہے۔ بعدالت سینئر سول جج کراچی وسطی مقدمہ نمبر 2023 مدعا علیہ کو حاضر ہونے کی ہدایت کی جاتی ہے۔ بعدالت سول جج کراچی ملیر مقدمہ نمبر 2023 آپ مقررہ تاریخ پر حاضر ہوں۔
STF
من کہ مسماۃ ولد سکنہ کراچی حلفیہ بیان کرتی ہوں کہ میرا شناختی کارڈ نمبر ہے اور میں اپنا نام تبدیل کر رہی ہوں آئندہ مجھے اسی نام سے پکارا اور لکھا جائے۔ اطلاع عام کہ من کہ ولد سکنہ کراچی کا اصل شناختی کارڈ اور دیگر کاغذات گم ہو گئے ہیں اگر کسی کو ملیں تو مہربانی کر کے دیئے گئے پتے پر پہنچا دیں۔ R.NO. 008064 بعدالت سول جج کراچی شرقی مقدمہ نمبر 2023 بعنوان دعویٰ برائے اعلان مدعا علیہان کو مطلع کیا جاتا ہے کہ مورخہ 2023 کو صبح 8:30 بجے حاضر ہوں۔ بعدالت فیملی جج کراچی جنوبی مقدمہ نمبر 2023 بعنوان دعویٰ برائے تنسیخ نکاح آپ کو ہدایت کی جاتی ہے۔ بعدالت سینئر سول جج کراچی وسطی مقدمہ نمبر 2023 مدعا علیہ کو حاضر ہونے کی ہدایت کی جاتی ہے۔ بعدالت سول جج کراچی ملیر مقدمہ نمبر 2023 آپ مقررہ تاریخ پر حاضر ہوں۔
⚖
کورٹ نوٹس
بعدالت 10th سول جج کراچی جنوبی مقدمہ نمبر 2023 بعنوان دعویٰ برائے اعلان و حکم امتناعی مدعا علیہان کو مطلع کیا جاتا ہے کہ آپ مورخہ 2023 کو صبح 8:30 بجے عدالت ہذا میں حاضر ہوں۔ بعدالت 7th فیملی جج کراچی شرقی مقدمہ نمبر 2023 بعنوان دعویٰ برائے خلع آپ کو ہدایت کی جاتی ہے۔ بعدالت 16th سینئر سول جج کراچی وسطی مقدمہ نمبر 2023 بعنوان دعویٰ برائے واپسی جہیز مدعا علیہ کو حاضر ہونے کی ہدایت کی جاتی ہے۔ بعدالت 4th سول جج کراچی غربی مقدمہ نمبر 2023 آپ مقررہ تاریخ پر حاضر ہوں ورنہ یکطرفہ کارروائی ہوگی۔ بعدالت 24th فیملی جج کراچی ملیر مقدمہ نمبر 2023 بعنوان دعویٰ برائے نان نفقہ مدعا علیہ کو مطلع کیا جاتا ہے۔ بعدالت 2nd سول جج کراچی جنوبی مقدمہ نمبر 2023 حاضر ہوں۔ بعدالت 18th سینئر سول جج کراچی شرقی مقدمہ نمبر 2023 بعنوان دعویٰ برائے اعلان آپ کو حاضر ہونے کی ہدایت کی جاتی ہے۔
Crown-11
بعدالت 10th سول جج کراچی جنوبی مقدمہ نمبر 2023 بعنوان دعویٰ برائے اعلان و حکم امتناعی مدعا علیہان کو مطلع کیا جاتا ہے کہ آپ مورخہ 2023 کو صبح 8:30 بجے عدالت ہذا میں حاضر ہوں۔ بعدالت 7th فیملی جج کراچی شرقی مقدمہ نمبر 2023 بعنوان دعویٰ برائے خلع آپ کو ہدایت کی جاتی ہے۔ بعدالت 16th سینئر سول جج کراچی وسطی مقدمہ نمبر 2023 بعنوان دعویٰ برائے واپسی جہیز مدعا علیہ کو حاضر ہونے کی ہدایت کی جاتی ہے۔ بعدالت 4th سول جج کراچی غربی مقدمہ نمبر 2023 آپ مقررہ تاریخ پر حاضر ہوں ورنہ یکطرفہ کارروائی ہوگی۔ بعدالت 24th فیملی جج کراچی ملیر مقدمہ نمبر 2023 بعنوان دعویٰ برائے نان نفقہ مدعا علیہ کو مطلع کیا جاتا ہے۔ بعدالت 2nd سول جج کراچی جنوبی مقدمہ نمبر 2023 حاضر ہوں۔ بعدالت 18th سینئر سول جج کراچی شرقی مقدمہ نمبر 2023 بعنوان دعویٰ برائے اعلان آپ کو حاضر ہونے کی ہدایت کی جاتی ہے۔
Best-17
بعدالت 10th سول جج کراچی جنوبی مقدمہ نمبر 2023 بعنوان دعویٰ برائے اعلان و حکم امتناعی مدعا علیہان کو مطلع کیا جاتا ہے کہ آپ مورخہ 2023 کو صبح 8:30 بجے عدالت ہذا میں حاضر ہوں۔ بعدالت 7th فیملی جج کراچی شرقی مقدمہ نمبر 2023 بعنوان دعویٰ برائے خلع آپ کو ہدایت کی جاتی ہے۔ بعدالت 16th سینئر سول جج کراچی وسطی مقدمہ نمبر 2023 بعنوان دعویٰ برائے واپسی جہیز مدعا علیہ کو حاضر ہونے کی ہدایت کی جاتی ہے۔ بعدالت 4th سول جج کراچی غربی مقدمہ نمبر 2023 آپ مقررہ تاریخ پر حاضر ہوں ورنہ یکطرفہ کارروائی ہوگی۔ بعدالت 24th فیملی جج کراچی ملیر مقدمہ نمبر 2023 بعنوان دعویٰ برائے نان نفقہ مدعا علیہ کو مطلع کیا جاتا ہے۔ بعدالت 2nd سول جج کراچی جنوبی مقدمہ نمبر 2023 حاضر ہوں۔ بعدالت 18th سینئر سول جج کراچی شرقی مقدمہ نمبر 2023 بعنوان دعویٰ برائے اعلان آپ کو حاضر ہونے کی ہدایت کی جاتی ہے۔
Crown-16
بعدالت 10th سول جج کراچی جنوبی مقدمہ نمبر 2023 بعنوان دعویٰ برائے اعلان و حکم امتناعی مدعا علیہان کو مطلع کیا جاتا ہے کہ آپ مورخہ 2023 کو صبح 8:30 بجے عدالت ہذا میں حاضر ہوں۔ بعدالت 7th فیملی جج کراچی شرقی مقدمہ نمبر 2023 بعنوان دعویٰ برائے خلع آپ کو ہدایت کی جاتی ہے۔ بعدالت 16th سینئر سول جج کراچی وسطی مقدمہ نمبر 2023 بعنوان دعویٰ برائے واپسی جہیز مدعا علیہ کو حاضر ہونے کی ہدایت کی جاتی ہے۔ بعدالت 4th سول جج کراچی غربی مقدمہ نمبر 2023 آپ مقررہ تاریخ پر حاضر ہوں ورنہ یکطرفہ کارروائی ہوگی۔ بعدالت 24th فیملی جج کراچی ملیر مقدمہ نمبر 2023 بعنوان دعویٰ برائے نان نفقہ مدعا علیہ کو مطلع کیا جاتا ہے۔ بعدالت 2nd سول جج کراچی جنوبی مقدمہ نمبر 2023 حاضر ہوں۔ بعدالت 18th سینئر سول جج کراچی شرقی مقدمہ نمبر 2023 بعنوان دعویٰ برائے اعلان آپ کو حاضر ہونے کی ہدایت کی جاتی ہے۔
Crown-19
بعدالت 10th سول جج کراچی جنوبی مقدمہ نمبر 2023 بعنوان دعویٰ برائے اعلان و حکم امتناعی مدعا علیہان کو مطلع کیا جاتا ہے کہ آپ مورخہ 2023 کو صبح 8:30 بجے عدالت ہذا میں حاضر ہوں۔ بعدالت 7th فیملی جج کراچی شرقی مقدمہ نمبر 2023 بعنوان دعویٰ برائے خلع آپ کو ہدایت کی جاتی ہے۔ بعدالت 16th سینئر سول جج کراچی وسطی مقدمہ نمبر 2023 بعنوان دعویٰ برائے واپسی جہیز مدعا علیہ کو حاضر ہونے کی ہدایت کی جاتی ہے۔ بعدالت 4th سول جج کراچی غربی مقدمہ نمبر 2023 آپ مقررہ تاریخ پر حاضر ہوں ورنہ یکطرفہ کارروائی ہوگی۔ بعدالت 24th فیملی جج کراچی ملیر مقدمہ نمبر 2023 بعنوان دعویٰ برائے نان نفقہ مدعا علیہ کو مطلع کیا جاتا ہے۔ بعدالت 2nd سول جج کراچی جنوبی مقدمہ نمبر 2023 حاضر ہوں۔ بعدالت 18th سینئر سول جج کراچی شرقی مقدمہ نمبر 2023 بعنوان دعویٰ برائے اعلان آپ کو حاضر ہونے کی ہدایت کی جاتی ہے۔
پاکستان کسی بھی ٹیم کو شکست دے سکتا ہے۔ ثقی آرتھر
ورلڈکپ اسکواڈ میں زیادہ تبدیلی کا کوئی امکان نہیں۔ قومی ٹیم ڈائریکٹر
لاہور (اسپورٹس ڈیسک) قومی ٹیم کے ڈائریکٹر مکی آرتھر نے کہا ہے کہ پاکستان کسی بھی ٹیم کو شکست دینے کی صلاحیت رکھتا ہے، ورلڈکپ اسکواڈ میں زیادہ تبدیلی کا امکان نہیں، کھلاڑیوں کی فٹنس پر خصوصی توجہ دی جا رہی ہے اور ٹیم بھارت میں بہترین کارکردگی دکھانے کے لیے پرعزم ہے۔
پی ڈی ایم میں کرکٹ کی تبدیلی
کراچی (اسپورٹس ڈیسک) پی ڈی ایم کی جانب سے کرکٹ بورڈ کے معاملات میں تبدیلی کا فیصلہ کیا گیا ہے، نئی انتظامیہ جلد چارج سنبھالے گی۔ ذرائع کے مطابق اجلاس میں اہم فیصلے متوقع ہیں۔
گلوبل 20 کینیڈا میں شعیب ملک جلوہ گر ہوں گے
ٹورنٹو (اسپورٹس ڈیسک) قومی کرکٹر شعیب ملک گلوبل ٹی 20 کینیڈا میں ایکشن میں نظر آئیں گے، ایونٹ میں دنیا بھر کے نامور کھلاڑی شرکت کریں گے۔
ایمرجنگ ایشیا کپ میں بھارت پر سبقت حاصل ہے۔ محمد حارث
پاکستان کا بولنگ اٹیک مقابلے میں بہتر دکھائی دیتا ہے۔ گفتگو
لاہور (اسپورٹس ڈیسک) ایمرجنگ ایشیا کپ کے لیے پاکستان ٹیم کے کپتان محمد حارث نے کہا ہے کہ ہماری ٹیم متوازن ہے اور بھارت کے خلاف سبقت حاصل ہے۔
احسان مزاری کو آئی سی سی کا مطلب بھی نہیں پتا ہوگا۔ شکیل شیخ
کھیلوں کے معاملات پر غیرذمہ دارانہ بیانات سے پاکستان کرکٹ کو نقصان ہوگا۔ سابق رکن
کراچی (اسپورٹس ڈیسک) سابق رکن بورڈ شکیل شیخ نے کہا ہے کہ وزیر کھیل کے بیانات غیرذمہ دارانہ ہیں، آئی سی سی کے معاملات سمجھے بغیر بیان دینا درست نہیں۔
پاکستان کے 2 میچز کے ٹکٹس کی قیمتیں جاری
کولمبو (اسپورٹس ڈیسک) ایشیا کپ میں پاکستان کے 2 میچز کے ٹکٹس کی قیمتیں جاری کر دی گئی ہیں، شائقین آن لائن ٹکٹ خرید سکیں گے۔
تقییم نمبر1
جماعت اسلامی کے رہنما نے کہا ہے کہ شہر کے مسائل حل کرنے کے لیے سنجیدہ اقدامات کی ضرورت ہے۔ Pritzker School of Medicine Pritzker School of Medicine HalalTube
تقییم نمبر2
کراچی میں بلدیاتی نمائندوں کا اجلاس منعقد ہوا جس میں شہری مسائل پر تفصیلی غور کیا گیا۔ عوامی سہولیات کی فراہمی کے لیے نئی حکمت عملی مرتب کی جائے گی۔
تقییم نمبر3
بلدیہ عظمیٰ کراچی کے 25 اضلاع میں ترقیاتی منصوبوں کا آغاز کر دیا گیا ہے۔ منصوبوں کی نگرانی کے لیے خصوصی کمیٹیاں تشکیل دی گئی ہیں۔ RW 2&1
کراچی میں بلدیاتی نمائندوں کا اجلاس منعقد ہوا جس میں شہری مسائل پر تفصیلی غور کیا گیا۔ عوامی سہولیات کی فراہمی کے لیے نئی حکمت عملی مرتب کی جائے گی۔
بلدیہ عظمیٰ کراچی کے 25 اضلاع میں ترقیاتی منصوبوں کا آغاز کر دیا گیا ہے۔ منصوبوں کی نگرانی کے لیے خصوصی کمیٹیاں تشکیل دی گئی ہیں۔ RW 2&1
Favorite Faculty Award Outstanding Basic Science Teaching Award تعلیمی میدان میں نمایاں خدمات پر ایوارڈ دیا گیا۔ طلبہ نے اساتذہ کی کاوشوں کو سراہا اور ادارے کی کارکردگی کو بہترین قرار دیا۔
تقییم نمبر4
کراچی میں بلدیاتی نمائندوں کا اجلاس منعقد ہوا جس میں شہری مسائل پر تفصیلی غور کیا گیا۔ عوامی سہولیات کی فراہمی کے لیے نئی حکمت عملی مرتب کی جائے گی۔
تقییم نمبر5
بلدیہ عظمیٰ کراچی کے 25 اضلاع میں ترقیاتی منصوبوں کا آغاز کر دیا گیا ہے۔ منصوبوں کی نگرانی کے لیے خصوصی کمیٹیاں تشکیل دی گئی ہیں۔ RW 2&1
تقییم نمبر6
Favorite Faculty Award Outstanding Basic Science Teaching Award تعلیمی میدان میں نمایاں خدمات پر ایوارڈ دیا گیا۔ طلبہ نے اساتذہ کی کاوشوں کو سراہا اور ادارے کی کارکردگی کو بہترین قرار دیا۔
تقییم نمبر7
کراچی میں بلدیاتی نمائندوں کا اجلاس منعقد ہوا جس میں شہری مسائل پر تفصیلی غور کیا گیا۔ عوامی سہولیات کی فراہمی کے لیے نئی حکمت عملی مرتب کی جائے گی۔
بلدیہ عظمیٰ کراچی کے 25 اضلاع میں ترقیاتی منصوبوں کا آغاز کر دیا گیا ہے۔ منصوبوں کی نگرانی کے لیے خصوصی کمیٹیاں تشکیل دی گئی ہیں۔ RW 2&1
تقییم نمبر8
کراچی میں بلدیاتی نمائندوں کا اجلاس منعقد ہوا جس میں شہری مسائل پر تفصیلی غور کیا گیا۔ عوامی سہولیات کی فراہمی کے لیے نئی حکمت عملی مرتب کی جائے گی۔
تقییم نمبر9
Favorite Faculty Award Outstanding Basic Science Teaching Award تعلیمی میدان میں نمایاں خدمات پر ایوارڈ دیا گیا۔ طلبہ نے اساتذہ کی کاوشوں کو سراہا اور ادارے کی کارکردگی کو بہترین قرار دیا۔
تقییم نمبر10
بلدیہ عظمیٰ کراچی کے 25 اضلاع میں ترقیاتی منصوبوں کا آغاز کر دیا گیا ہے۔ منصوبوں کی نگرانی کے لیے خصوصی کمیٹیاں تشکیل دی گئی ہیں۔ RW 2&1
تقییم نمبر11
کراچی میں بلدیاتی نمائندوں کا اجلاس منعقد ہوا جس میں شہری مسائل پر تفصیلی غور کیا گیا۔ عوامی سہولیات کی فراہمی کے لیے نئی حکمت عملی مرتب کی جائے گی۔
تقییم نمبر12
Favorite Faculty Award Outstanding Basic Science Teaching Award تعلیمی میدان میں نمایاں خدمات پر ایوارڈ دیا گیا۔ طلبہ نے اساتذہ کی کاوشوں کو سراہا اور ادارے کی کارکردگی کو بہترین قرار دیا۔
DIRECTOR GENERAL (EXTENSION)
LIVESTOCK & DAIRY DEVELOPMENT DEPARTMENT
KHYBER PAKHTUNKHWA, PESHAWAR
Tel: 091-9210276 / 9210249, Fax: 091-9210285 Email: info.livestockextkp@gmail.com
TENDER NOTICE

Livestock & Dairy Development Department (Extension), Khyber Pakhtunkhwa, intends to award the contract for supply of Broiler Poultry Feed under its ADP/AIP Scheme titled as: "Introduction of Semi-Environmentally Controlled Poultry Housing System & Revival/revitalization of Existing Poultry Farms in Merged Areas" AND "Introduction of Semi-Environmentally Controlled Poultry Housing System & Revival/revitalization of Existing Poultry Farms in Khyber Pakhtunkhwa" for financial year 2023-24. Feed Manufacturing firms, duly registered with sales tax, income tax and having experience in the sales/marketing of poultry feed are invited to submit their Sealed Offers/Bids on Single Stage two envelope procedure.

A Pre-bid meeting will be held on 25/07/2023 at 11:00 am in the office of Director, Livestock Merged Areas, Civil Secretariat, Warsak Road Complex, Peshawar. Closing date and time for submission of sealed tender's documents is 08/08/2023, at 12:00 PM and will be opened on the same date at 02:00 PM in the office of the Director Livestock Merged Areas, Civil Secretariat, Warsak Road Complex, Peshawar. In case of any situation beyond control, the same will be opened on the next working day at the same time and venue.

Estimated cost of the tender is Rs.260.00 million and Call deposit of Rs.5.200 millions/- (duly issued from the bidders account in the form of CDR) on the name of "Deputy Director (HQ), Livestock & Dairy Development Department Merged Areas, Peshawar" duly issued from the bidder account.

Standard Bid Documents (SBDs), Terms & Conditions & technical evaluation criteria, Specification can be obtained during office hours from office of the Director Livestock and Dairy Development Department, Merged Areas, Civil Secretariat, Warsak Road Complex, Peshawar on payment of Rs.1000/- Non-Refundable till last date of the bid. The same is also available on KPPRA website.

INF(P) 1594/23	PROJECT DIRECTOR
